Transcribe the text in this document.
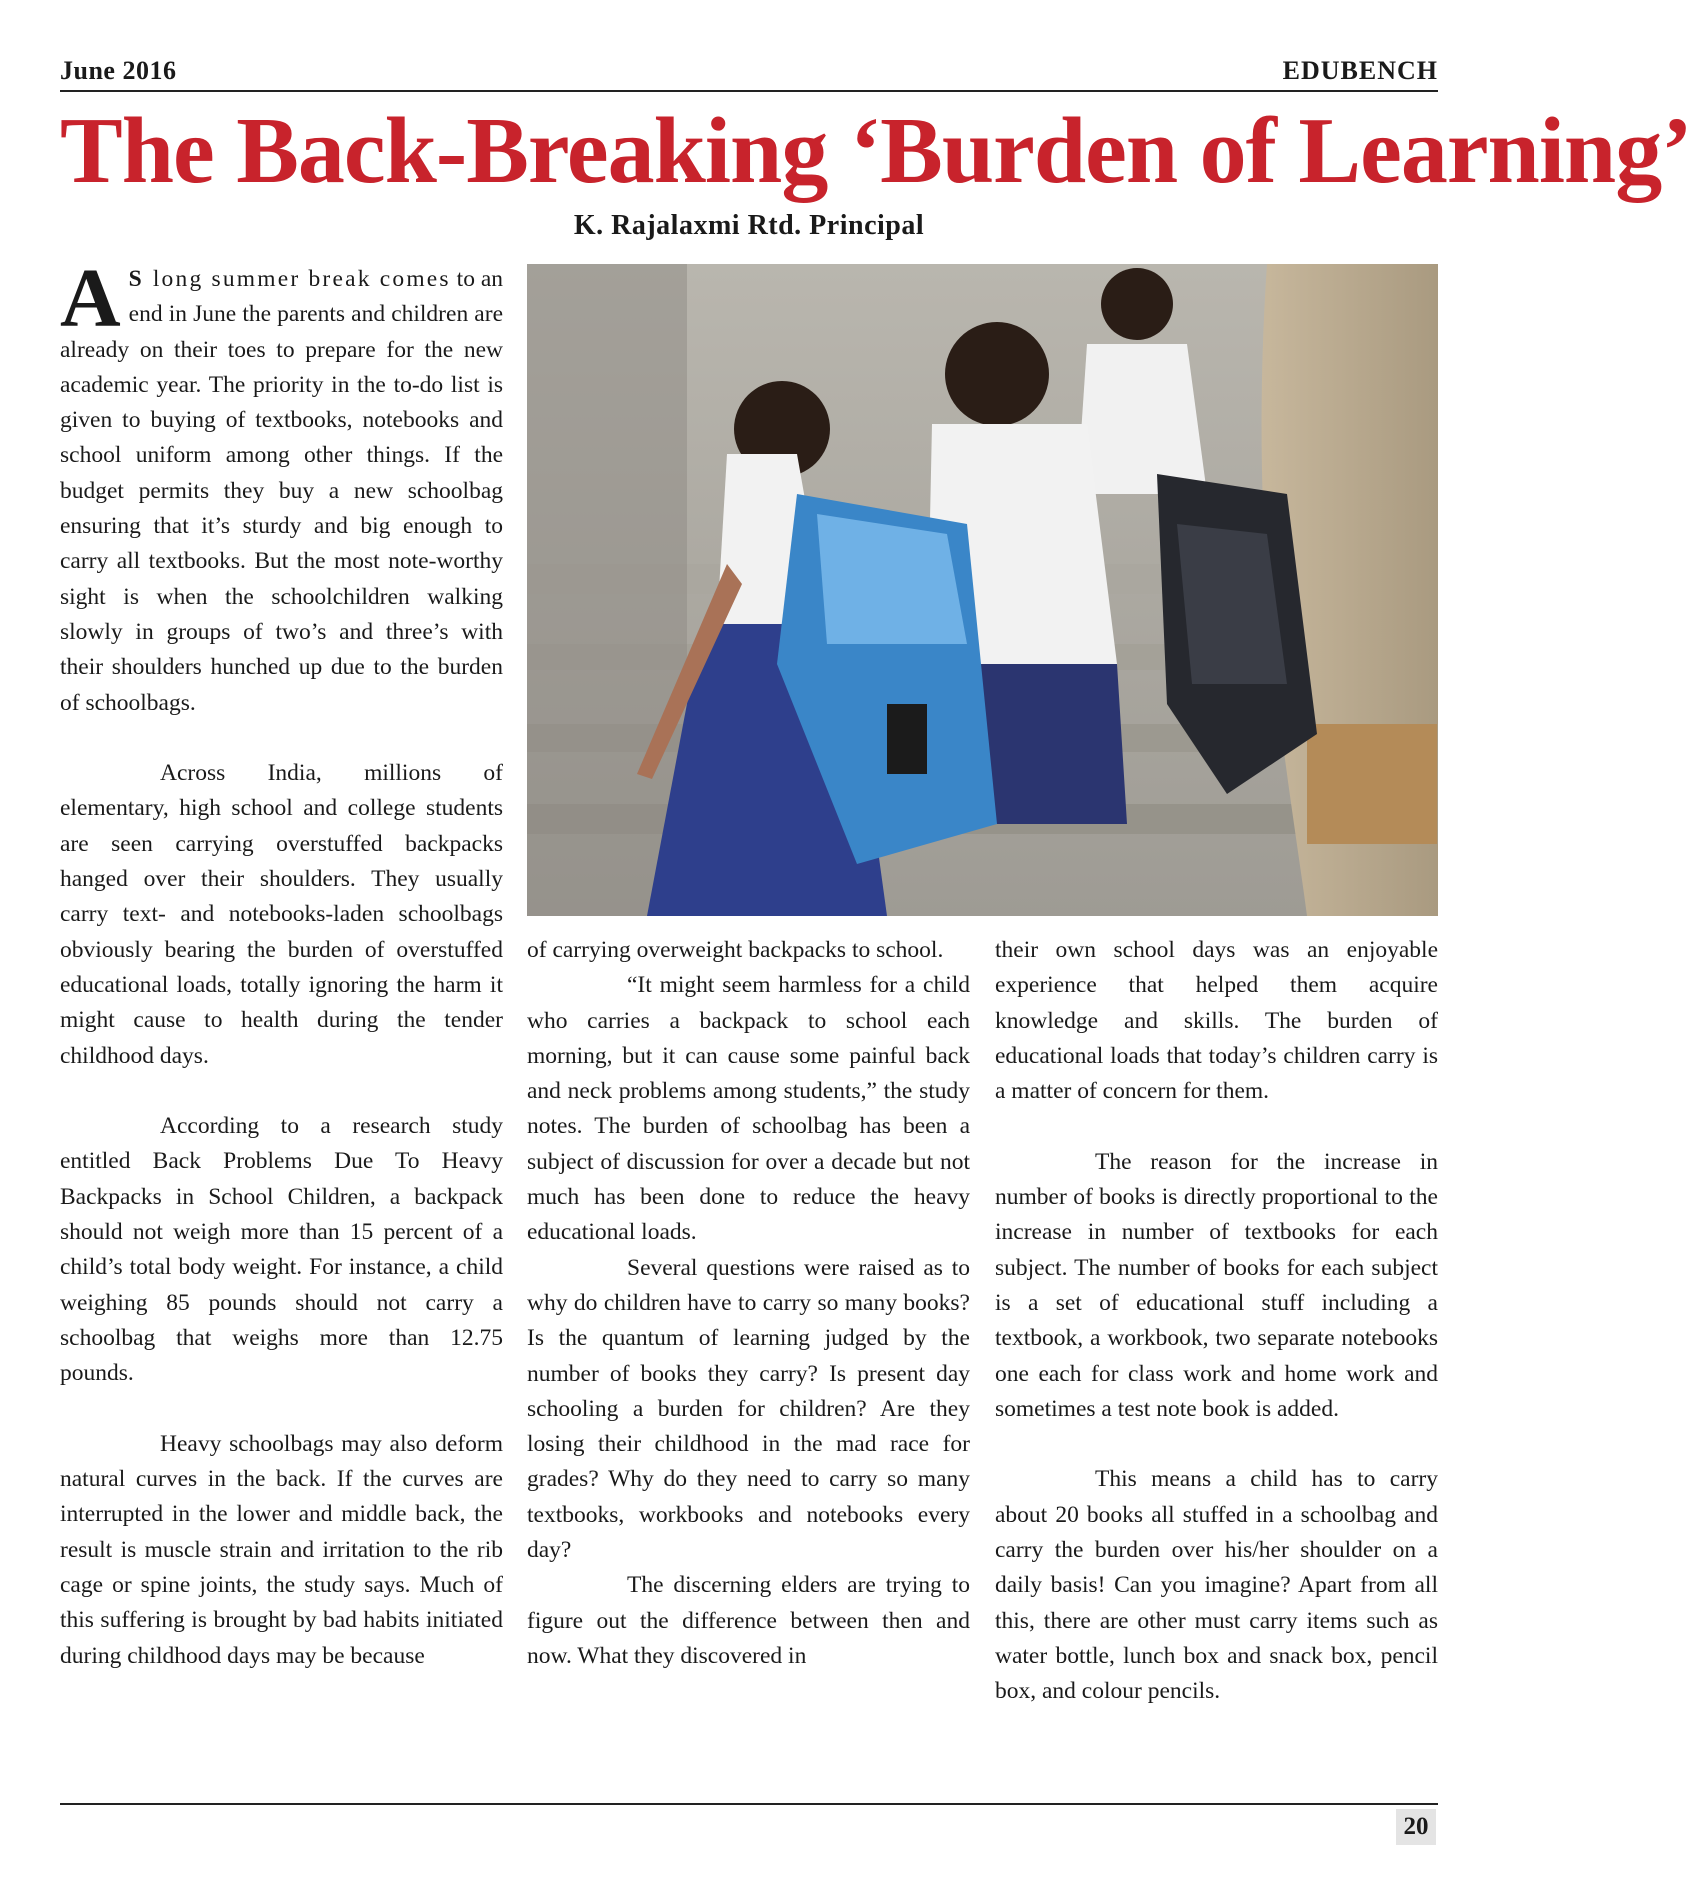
June 2016	EDUBENCH
The Back-Breaking ‘Burden of Learning’
K. Rajalaxmi Rtd. Principal

A S long summer break comes to an end in June the parents and children are already on their toes to prepare for the new academic year. The priority in the to-do list is given to buying of textbooks, notebooks and school uniform among other things. If the budget permits they buy a new schoolbag ensuring that it’s sturdy and big enough to carry all textbooks. But the most note-worthy sight is when the schoolchildren walking slowly in groups of two’s and three’s with their shoulders hunched up due to the burden of schoolbags.

Across India, millions of elementary, high school and college students are seen carrying overstuffed backpacks hanged over their shoulders. They usually carry text- and notebooks-laden schoolbags obviously bearing the burden of overstuffed educational loads, totally ignoring the harm it might cause to health during the tender childhood days.

According to a research study entitled Back Problems Due To Heavy Backpacks in School Children, a backpack should not weigh more than 15 percent of a child’s total body weight. For instance, a child weighing 85 pounds should not carry a schoolbag that weighs more than 12.75 pounds.

Heavy schoolbags may also deform natural curves in the back. If the curves are interrupted in the lower and middle back, the result is muscle strain and irritation to the rib cage or spine joints, the study says. Much of this suffering is brought by bad habits initiated during childhood days may be because

of carrying overweight backpacks to school.

“It might seem harmless for a child who carries a backpack to school each morning, but it can cause some painful back and neck problems among students,” the study notes. The burden of schoolbag has been a subject of discussion for over a decade but not much has been done to reduce the heavy educational loads.

Several questions were raised as to why do children have to carry so many books? Is the quantum of learning judged by the number of books they carry? Is present day schooling a burden for children? Are they losing their childhood in the mad race for grades? Why do they need to carry so many textbooks, workbooks and notebooks every day?

The discerning elders are trying to figure out the difference between then and now. What they discovered in

their own school days was an enjoyable experience that helped them acquire knowledge and skills. The burden of educational loads that today’s children carry is a matter of concern for them.

The reason for the increase in number of books is directly proportional to the increase in number of textbooks for each subject. The number of books for each subject is a set of educational stuff including a textbook, a workbook, two separate notebooks one each for class work and home work and sometimes a test note book is added.

This means a child has to carry about 20 books all stuffed in a schoolbag and carry the burden over his/her shoulder on a daily basis! Can you imagine? Apart from all this, there are other must carry items such as water bottle, lunch box and snack box, pencil box, and colour pencils.

20
